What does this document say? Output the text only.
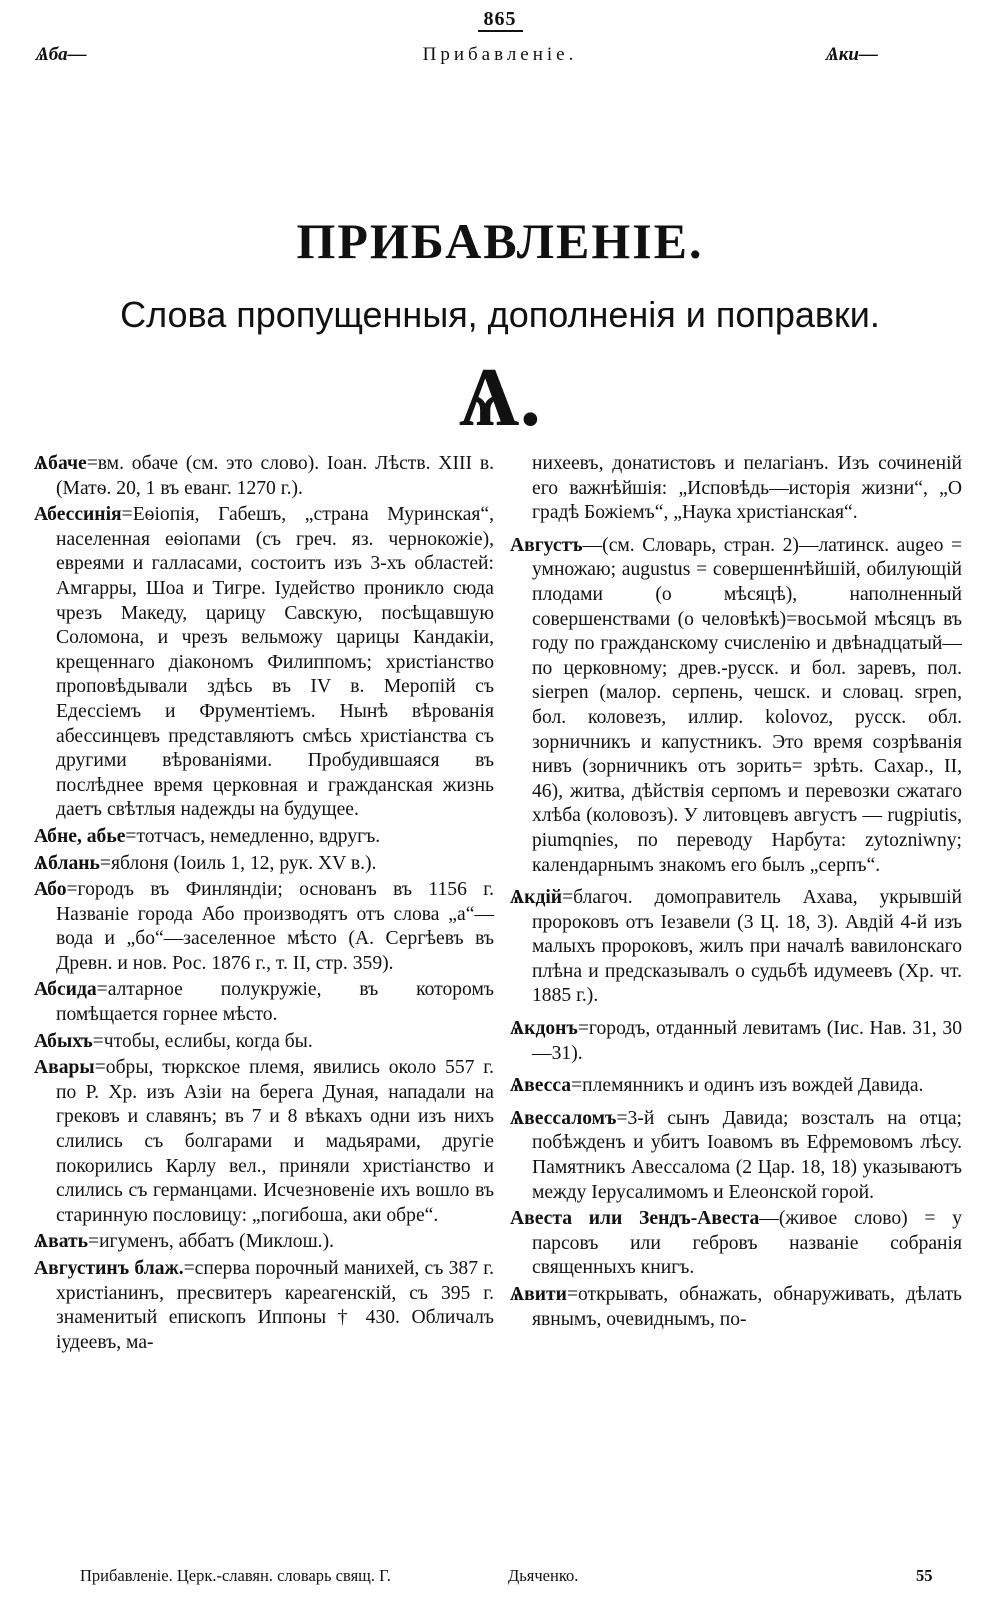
865
Ѧба—	Прибавленіе.	Ѧки—
ПРИБАВЛЕНІЕ.
Слова пропущенныя, дополненія и поправки.
Ѧ.

Ѧбаче=вм. обаче (см. это слово). Іоан. Лѣств. XIII в. (Матѳ. 20, 1 въ еванг. 1270 г.).

Абессинія=Еѳіопія, Габешъ, „страна Муринская“, населенная еѳіопами (съ греч. яз. чернокожіе), евреями и галласами, состоитъ изъ 3-хъ областей: Амгарры, Шоа и Тигре. Іудейство проникло сюда чрезъ Македу, царицу Савскую, посѣщавшую Соломона, и чрезъ вельможу царицы Кандакіи, крещеннаго діакономъ Филиппомъ; христіанство проповѣдывали здѣсь въ IV в. Меропій съ Едессіемъ и Фрументіемъ. Нынѣ вѣрованія абессинцевъ представляютъ смѣсь христіанства съ другими вѣрованіями. Пробудившаяся въ послѣднее время церковная и гражданская жизнь даетъ свѣтлыя надежды на будущее.

Абне, абье=тотчасъ, немедленно, вдругъ.

Ѧблань=яблоня (Іоиль 1, 12, рук. XV в.).

Або=городъ въ Финляндіи; основанъ въ 1156 г. Названіе города Або производятъ отъ слова „а“—вода и „бо“—заселенное мѣсто (А. Сергѣевъ въ Древн. и нов. Рос. 1876 г., т. II, стр. 359).

Абсида=алтарное полукружіе, въ которомъ помѣщается горнее мѣсто.

Абыхъ=чтобы, еслибы, когда бы.

Авары=обры, тюркское племя, явились около 557 г. по Р. Хр. изъ Азіи на берега Дуная, нападали на грековъ и славянъ; въ 7 и 8 вѣкахъ одни изъ нихъ слились съ болгарами и мадьярами, другіе покорились Карлу вел., приняли христіанство и слились съ германцами. Исчезновеніе ихъ вошло въ старинную пословицу: „погибоша, аки обре“.

Ѧвать=игуменъ, аббатъ (Миклош.).

Августинъ блаж.=сперва порочный манихей, съ 387 г. христіанинъ, пресвитеръ кареагенскій, съ 395 г. знаменитый епископъ Иппоны † 430. Обличалъ іудеевъ, ма-

нихеевъ, донатистовъ и пелагіанъ. Изъ сочиненій его важнѣйшія: „Исповѣдь—исторія жизни“, „О градѣ Божіемъ“, „Наука христіанская“.

Августъ—(см. Словарь, стран. 2)—латинск. augeo = умножаю; augustus = совершеннѣйшій, обилующій плодами (о мѣсяцѣ), наполненный совершенствами (о человѣкѣ)=восьмой мѣсяцъ въ году по гражданскому счисленію и двѣнадцатый—по церковному; древ.-русск. и бол. заревъ, пол. sierpen (малор. серпень, чешск. и словац. srpen, бол. коловезъ, иллир. kolovoz, русск. обл. зорничникъ и капустникъ. Это время созрѣванія нивъ (зорничникъ отъ зорить= зрѣть. Сахар., II, 46), житва, дѣйствія серпомъ и перевозки сжатаго хлѣба (коловозъ). У литовцевъ августъ — rugpiutis, piumqnies, по переводу Нарбута: zytozniwny; календарнымъ знакомъ его былъ „серпъ“.

Ѧкдій=благоч. домоправитель Ахава, укрывшій пророковъ отъ Іезавели (3 Ц. 18, 3). Авдій 4-й изъ малыхъ пророковъ, жилъ при началѣ вавилонскаго плѣна и предсказывалъ о судьбѣ идумеевъ (Хр. чт. 1885 г.).

Ѧкдонъ=городъ, отданный левитамъ (Іис. Нав. 31, 30—31).

Ѧвесса=племянникъ и одинъ изъ вождей Давида.

Ѧвессаломъ=3-й сынъ Давида; возсталъ на отца; побѣжденъ и убитъ Іоавомъ въ Ефремовомъ лѣсу. Памятникъ Авессалома (2 Цар. 18, 18) указываютъ между Іерусалимомъ и Елеонской горой.

Авеста или Зендъ-Авеста—(живое слово) = у парсовъ или гебровъ названіе собранія священныхъ книгъ.

Ѧвити=открывать, обнажать, обнаруживать, дѣлать явнымъ, очевиднымъ, по-

Прибавленіе. Церк.-славян. словарь свящ. Г.	Дьяченко.	55
